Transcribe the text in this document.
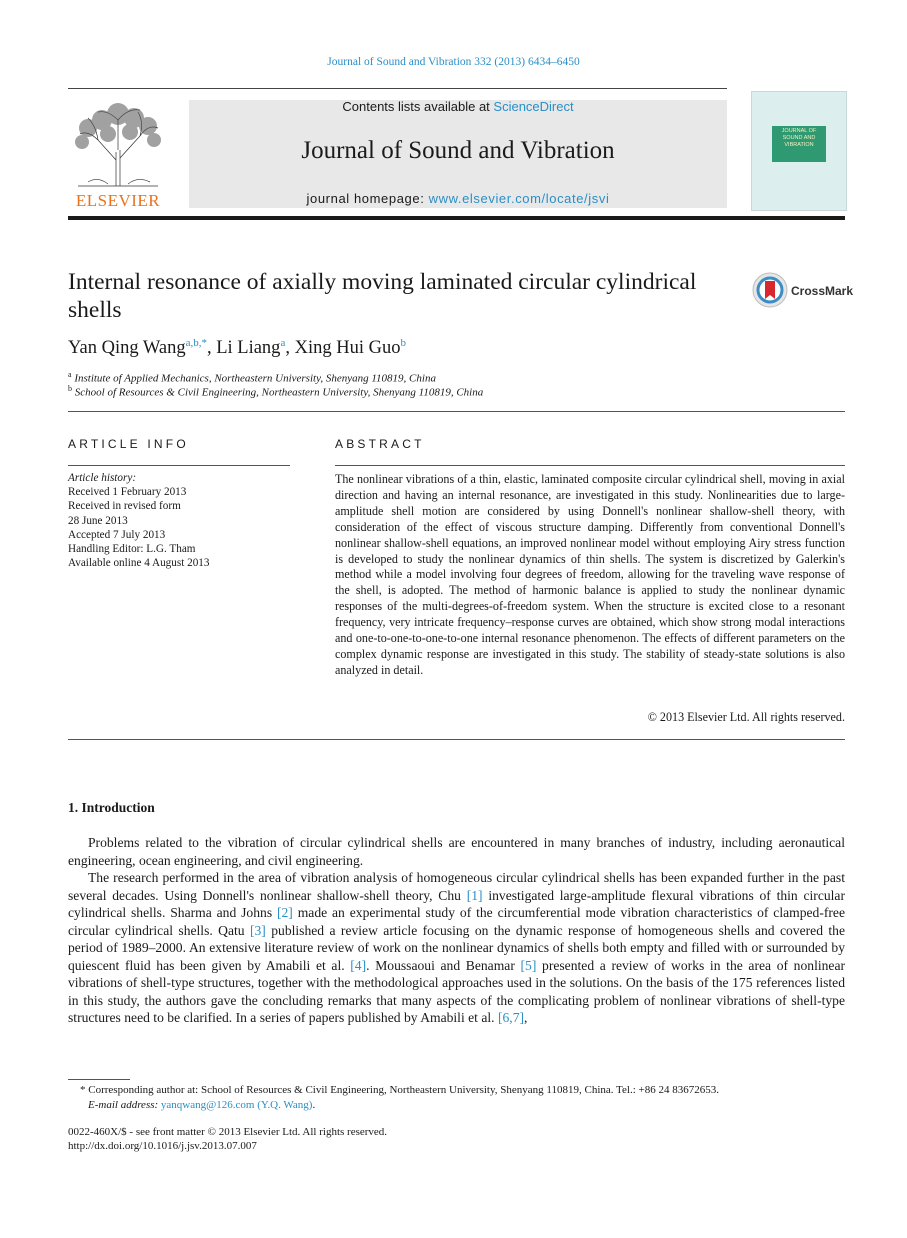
Journal of Sound and Vibration 332 (2013) 6434–6450
ELSEVIER
Contents lists available at ScienceDirect
Journal of Sound and Vibration
journal homepage: www.elsevier.com/locate/jsvi
JOURNAL OF
SOUND AND
VIBRATION
Internal resonance of axially moving laminated circular cylindrical shells
CrossMark
Yan Qing Wang$^{a,b,*}$, Li Liang$^a$, Xing Hui Guo$^b$
$^a$ Institute of Applied Mechanics, Northeastern University, Shenyang 110819, China
$^b$ School of Resources & Civil Engineering, Northeastern University, Shenyang 110819, China
ARTICLE INFO
Article history:
Received 1 February 2013
Received in revised form
28 June 2013
Accepted 7 July 2013
Handling Editor: L.G. Tham
Available online 4 August 2013
ABSTRACT
The nonlinear vibrations of a thin, elastic, laminated composite circular cylindrical shell, moving in axial direction and having an internal resonance, are investigated in this study. Nonlinearities due to large-amplitude shell motion are considered by using Donnell's nonlinear shallow-shell theory, with consideration of the effect of viscous structure damping. Differently from conventional Donnell's nonlinear shallow-shell equations, an improved nonlinear model without employing Airy stress function is developed to study the nonlinear dynamics of thin shells. The system is discretized by Galerkin's method while a model involving four degrees of freedom, allowing for the traveling wave response of the shell, is adopted. The method of harmonic balance is applied to study the nonlinear dynamic responses of the multi-degrees-of-freedom system. When the structure is excited close to a resonant frequency, very intricate frequency–response curves are obtained, which show strong modal interactions and one-to-one-to-one-to-one internal resonance phenomenon. The effects of different parameters on the complex dynamic response are investigated in this study. The stability of steady-state solutions is also analyzed in detail.
© 2013 Elsevier Ltd. All rights reserved.
1. Introduction

Problems related to the vibration of circular cylindrical shells are encountered in many branches of industry, including aeronautical engineering, ocean engineering, and civil engineering.

The research performed in the area of vibration analysis of homogeneous circular cylindrical shells has been expanded further in the past several decades. Using Donnell's nonlinear shallow-shell theory, Chu [1] investigated large-amplitude flexural vibrations of thin circular cylindrical shells. Sharma and Johns [2] made an experimental study of the circumferential mode vibration characteristics of clamped-free circular cylindrical shells. Qatu [3] published a review article focusing on the dynamic response of homogeneous shells and covered the period of 1989–2000. An extensive literature review of work on the nonlinear dynamics of shells both empty and filled with or surrounded by quiescent fluid has been given by Amabili et al. [4]. Moussaoui and Benamar [5] presented a review of works in the area of nonlinear vibrations of shell-type structures, together with the methodological approaches used in the solutions. On the basis of the 175 references listed in this study, the authors gave the concluding remarks that many aspects of the complicating problem of nonlinear vibrations of shell-type structures need to be clarified. In a series of papers published by Amabili et al. [6,7],

* Corresponding author at: School of Resources & Civil Engineering, Northeastern University, Shenyang 110819, China. Tel.: +86 24 83672653.
E-mail address: yanqwang@126.com (Y.Q. Wang).
0022-460X/$ - see front matter © 2013 Elsevier Ltd. All rights reserved.
http://dx.doi.org/10.1016/j.jsv.2013.07.007
